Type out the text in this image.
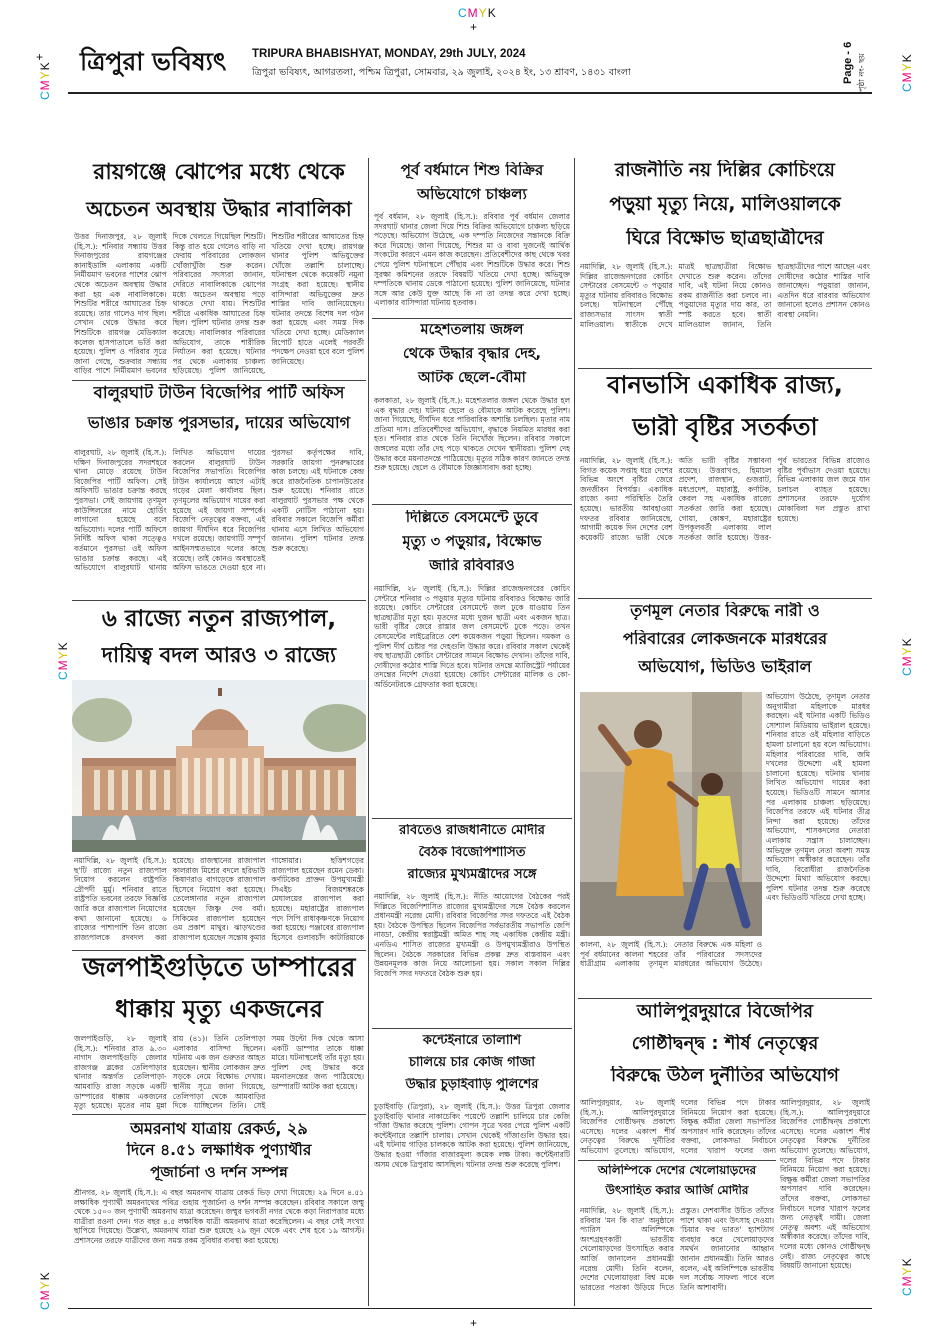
CMYK
+
CMYK
+
CMYK
CMYK
CMYK
CMYK
CMYK
+
ত্রিপুরা ভবিষ্যৎ TRIPURA BHABISHYAT, MONDAY, 29th JULY, 2024
ত্রিপুরা ভবিষ্যৎ, আগরতলা, পশ্চিম ত্রিপুরা, সোমবার, ২৯ জুলাই, ২০২৪ ইং, ১৩ শ্রাবণ, ১৪৩১ বাংলা	Page - 6 পৃষ্ঠা নং- ছয়
রায়গঞ্জে ঝোপের মধ্যে থেকে
অচেতন অবস্থায় উদ্ধার নাবালিকা
উত্তর দিনাজপুর, ২৮ জুলাই (হি.স.): শনিবার সন্ধ্যায় উত্তর দিনাজপুরের রায়গঞ্জের কানাইডাঙ্গি এলাকায় একটি নির্মীয়মাণ ভবনের পাশের ঝোপ থেকে অচেতন অবস্থায় উদ্ধার করা হয় এক নাবালিকাকে। শিশুটির শরীরে আঘাতের চিহ্ন রয়েছে। তার গালেও দাগ ছিল। সেখান থেকে উদ্ধার করে শিশুটিকে রায়গঞ্জ মেডিক্যাল কলেজ হাসপাতালে ভর্তি করা হয়েছে। পুলিশ ও পরিবার সূত্রে জানা গেছে, শুক্রবার সন্ধ্যায় বাড়ির পাশে নির্মীয়মাণ ভবনের দিকে খেলতে গিয়েছিল শিশুটি। কিন্তু রাত হয়ে গেলেও বাড়ি না ফেরায় পরিবারের লোকজন খোঁজাখুঁজি শুরু করেন। পরিবারের সদস্যরা জানান, দেরিতে নাবালিকাকে ঝোপের মধ্যে অচেতন অবস্থায় পড়ে থাকতে দেখা যায়। শিশুটির শরীরে একাধিক আঘাতের চিহ্ন ছিল। পুলিশ ঘটনার তদন্ত শুরু করেছে। নাবালিকার পরিবারের অভিযোগ, তাকে শারীরিক নির্যাতন করা হয়েছে। ঘটনার পর থেকে এলাকায় চাঞ্চল্য ছড়িয়েছে। পুলিশ জানিয়েছে, শিশুটির শরীরের আঘাতের চিহ্ন খতিয়ে দেখা হচ্ছে। রায়গঞ্জ থানার পুলিশ অভিযুক্তের খোঁজে তল্লাশি চালাচ্ছে। ঘটনাস্থল থেকে কয়েকটি নমুনা সংগ্রহ করা হয়েছে। স্থানীয় বাসিন্দারা অভিযুক্তের দ্রুত শাস্তির দাবি জানিয়েছেন। ঘটনার তদন্তে বিশেষ দল গঠন করা হয়েছে এবং সমস্ত দিক খতিয়ে দেখা হচ্ছে। মেডিক্যাল রিপোর্ট হাতে এলেই পরবর্তী পদক্ষেপ নেওয়া হবে বলে পুলিশ জানিয়েছে।
বালুরঘাট টাউন বিজেপির পার্টি অফিস
ভাঙার চক্রান্ত পুরসভার, দায়ের অভিযোগ
বালুরঘাট, ২৮ জুলাই (হি.স.): দক্ষিণ দিনাজপুরের সদরশহরে থানা মোড়ে রয়েছে টাউন বিজেপির পার্টি অফিস। সেই অফিসটি ভাঙার চক্রান্ত করছে পুরসভা। সেই জায়গায় তৃণমূল কাউন্সিলরের নামে হোর্ডিং লাগানো হয়েছে বলে অভিযোগ। দলের পার্টি অফিসে নির্দিষ্ট অফিস থাকা সত্ত্বেও বর্তমানে পুরসভা ওই অফিস ভাঙার চক্রান্ত করছে। এই অভিযোগে বালুরঘাট থানায় লিখিত অভিযোগ দায়ের করলেন বালুরঘাট টাউন বিজেপির সভাপতি। বিজেপির টাউন কার্যালয়ে আগে এটাই গড়ের মেলা কার্যালয় ছিল। তৃণমূলের অভিযোগ দায়ের করা হয়েছে এই জায়গা সম্পর্কে। বিজেপি নেতৃত্বের বক্তব্য, এই জায়গা দীর্ঘদিন ধরে বিজেপির দখলে রয়েছে। জায়গাটি সম্পূর্ণ আইনসম্মতভাবে দলের কাছে রয়েছে। তাই কোনও অবস্থাতেই অফিস ভাঙতে দেওয়া হবে না। পুরসভা কর্তৃপক্ষের দাবি, সরকারি জায়গা পুনরুদ্ধারের কাজ চলছে। এই ঘটনাকে কেন্দ্র করে রাজনৈতিক চাপানউতোর শুরু হয়েছে। শনিবার রাতে বালুরঘাট পুরসভার পক্ষ থেকে একটি নোটিস পাঠানো হয়। রবিবার সকালে বিজেপি কর্মীরা থানায় এসে লিখিত অভিযোগ জানান। পুলিশ ঘটনার তদন্ত শুরু করেছে।
৬ রাজ্যে নতুন রাজ্যপাল,
দায়িত্ব বদল আরও ৩ রাজ্যে
নয়াদিল্লি, ২৮ জুলাই (হি.স.): ছ'টি রাজ্যে নতুন রাজ্যপাল নিয়োগ করলেন রাষ্ট্রপতি দ্রৌপদী মুর্মু। শনিবার রাতে রাষ্ট্রপতি ভবনের তরফে বিজ্ঞপ্তি জারি করে রাজ্যপাল নিয়োগের কথা জানানো হয়েছে। ৬ রাজ্যের পাশাপাশি তিন রাজ্যে রাজ্যপালকে রদবদল করা হয়েছে। রাজস্থানের রাজ্যপাল কালরাজ মিশ্রের বদলে হরিভাউ কিষাণরাও বাগড়েকে রাজ্যপাল হিসেবে নিয়োগ করা হয়েছে। তেলেঙ্গানার নতুন রাজ্যপাল হয়েছেন জিষ্ণু দেব বর্মা। সিকিমের রাজ্যপাল হয়েছেন ওম প্রকাশ মাথুর। ঝাড়খণ্ডের রাজ্যপাল হয়েছেন সন্তোষ কুমার গাঙ্গোয়ার। ছত্তিশগড়ের রাজ্যপাল হয়েছেন রমেন ডেকা। কর্ণাটকের প্রাক্তন উপমুখ্যমন্ত্রী সিএইচ বিজয়শঙ্করকে মেঘালয়ের রাজ্যপাল করা হয়েছে। মহারাষ্ট্রের রাজ্যপাল পদে সিপি রাধাকৃষ্ণণকে নিয়োগ করা হয়েছে। পঞ্জাবের রাজ্যপাল হিসেবে গুলাবচাঁদ কাটারিয়াকে
জলপাইগুড়িতে ডাম্পারের
ধাক্কায় মৃত্যু একজনের
জলপাইগুড়ি, ২৮ জুলাই (হি.স.): শনিবার রাত ৯.৩০ নাগাদ জলপাইগুড়ি জেলার রাজগঞ্জ ব্লকের তেলিপাড়ার থানার অন্তর্গত তেলিপাড়া-আমবাড়ি রাজ্য সড়কে একটি ডাম্পারের ধাক্কায় একজনের মৃত্যু হয়েছে। মৃতের নাম মুন্না রায় (৪১)। তিনি তেলিপাড়া এলাকার বাসিন্দা ছিলেন। ঘটনায় এক জন গুরুতর আহত হয়েছেন। স্থানীয় লোকজন দ্রুত সড়কে নেমে বিক্ষোভ দেখায়। স্থানীয় সূত্রে জানা গিয়েছে, তেলিপাড়া থেকে আমবাড়ির দিকে যাচ্ছিলেন তিনি। সেই সময় উল্টো দিক থেকে আসা একটি ডাম্পার তাকে ধাক্কা মারে। ঘটনাস্থলেই তাঁর মৃত্যু হয়। পুলিশ দেহ উদ্ধার করে ময়নাতদন্তের জন্য পাঠিয়েছে। ডাম্পারটি আটক করা হয়েছে।
অমরনাথ যাত্রায় রেকর্ড, ২৯
দিনে ৪.৫১ লক্ষাধিক পুণ্যার্থীর
পূজার্চনা ও দর্শন সম্পন্ন
শ্রীনগর, ২৮ জুলাই (হি.স.): এ বছর অমরনাথ যাত্রায় রেকর্ড ভিড় দেখা গিয়েছে। ২৯ দিনে ৪.৫১ লক্ষাধিক পুণ্যার্থী অমরনাথের পবিত্র গুহায় পূজার্চনা ও দর্শন সম্পন্ন করেছেন। রবিবার সকালে জম্মু থেকে ১৫০০ জন পুণ্যার্থী অমরনাথ যাত্রা করেছেন। জম্মুর ভগবতী নগর থেকে কড়া নিরাপত্তার মধ্যে যাত্রীরা রওনা দেন। গত বছর ৪.৫ লক্ষাধিক যাত্রী অমরনাথ যাত্রা করেছিলেন। এ বছর সেই সংখ্যা ছাপিয়ে গিয়েছে। উল্লেখ্য, অমরনাথ যাত্রা শুরু হয়েছে ২৯ জুন থেকে এবং শেষ হবে ১৯ আগস্ট। প্রশাসনের তরফে যাত্রীদের জন্য সমস্ত রকম সুবিধার ব্যবস্থা করা হয়েছে।
পূর্ব বর্ধমানে শিশু বিক্রির
অভিযোগে চাঞ্চল্য
পূর্ব বর্ধমান, ২৮ জুলাই (হি.স.): রবিবার পূর্ব বর্ধমান জেলার সদরঘাট থানার জেলা দিয়ে শিশু বিক্রির অভিযোগে চাঞ্চল্য ছড়িয়ে পড়েছে। অভিযোগ উঠেছে, এক দম্পতি নিজেদের সন্তানকে বিক্রি করে দিয়েছে। জানা গিয়েছে, শিশুর মা ও বাবা দুজনেই আর্থিক সংকটের কারণে এমন কাজ করেছেন। প্রতিবেশীদের কাছ থেকে খবর পেয়ে পুলিশ ঘটনাস্থলে পৌঁছায় এবং শিশুটিকে উদ্ধার করে। শিশু সুরক্ষা কমিশনের তরফে বিষয়টি খতিয়ে দেখা হচ্ছে। অভিযুক্ত দম্পতিকে থানায় ডেকে পাঠানো হয়েছে। পুলিশ জানিয়েছে, ঘটনার সঙ্গে আর কেউ যুক্ত আছে কি না তা তদন্ত করে দেখা হচ্ছে। এলাকার বাসিন্দারা ঘটনায় হতবাক।
মহেশতলায় জঙ্গল
থেকে উদ্ধার বৃদ্ধার দেহ,
আটক ছেলে-বৌমা
কলকাতা, ২৮ জুলাই (হি.স.): মহেশতলার জঙ্গল থেকে উদ্ধার হল এক বৃদ্ধার দেহ। ঘটনায় ছেলে ও বৌমাকে আটক করেছে পুলিশ। জানা গিয়েছে, দীর্ঘদিন ধরে পারিবারিক অশান্তি চলছিল। মৃতার নাম প্রতিমা দাস। প্রতিবেশীদের অভিযোগ, বৃদ্ধাকে নিয়মিত মারধর করা হত। শনিবার রাত থেকে তিনি নিখোঁজ ছিলেন। রবিবার সকালে জঙ্গলের মধ্যে তাঁর দেহ পড়ে থাকতে দেখেন স্থানীয়রা। পুলিশ দেহ উদ্ধার করে ময়নাতদন্তে পাঠিয়েছে। মৃত্যুর সঠিক কারণ জানতে তদন্ত শুরু হয়েছে। ছেলে ও বৌমাকে জিজ্ঞাসাবাদ করা হচ্ছে।
দিল্লিতে বেসমেন্টে ডুবে
মৃত্যু ৩ পড়ুয়ার, বিক্ষোভ
জারি রবিবারও
নয়াদিল্লি, ২৮ জুলাই (হি.স.): দিল্লির রাজেন্দ্রনগরের কোচিং সেন্টারে শনিবার ৩ পড়ুয়ার মৃত্যুর ঘটনায় রবিবারও বিক্ষোভ জারি রয়েছে। কোচিং সেন্টারের বেসমেন্টে জল ঢুকে যাওয়ায় তিন ছাত্রছাত্রীর মৃত্যু হয়। মৃতদের মধ্যে দুজন ছাত্রী এবং একজন ছাত্র। ভারী বৃষ্টির জেরে রাস্তার জল বেসমেন্টে ঢুকে পড়ে। তখন বেসমেন্টের লাইব্রেরিতে বেশ কয়েকজন পড়ুয়া ছিলেন। দমকল ও পুলিশ দীর্ঘ চেষ্টার পর দেহগুলি উদ্ধার করে। রবিবার সকাল থেকেই বহু ছাত্রছাত্রী কোচিং সেন্টারের সামনে বিক্ষোভ দেখান। তাঁদের দাবি, দোষীদের কঠোর শাস্তি দিতে হবে। ঘটনার তদন্তে ম্যাজিস্ট্রেট পর্যায়ের তদন্তের নির্দেশ দেওয়া হয়েছে। কোচিং সেন্টারের মালিক ও কো-অর্ডিনেটরকে গ্রেফতার করা হয়েছে।
রবিতেও রাজধানীতে মোদীর
বৈঠক বিজেপিশাসিত
রাজ্যের মুখ্যমন্ত্রীদের সঙ্গে
নয়াদিল্লি, ২৮ জুলাই (হি.স.): নীতি আয়োগের বৈঠকের পরই দিল্লিতে বিজেপিশাসিত রাজ্যের মুখ্যমন্ত্রীদের সঙ্গে বৈঠক করলেন প্রধানমন্ত্রী নরেন্দ্র মোদী। রবিবার বিজেপির সদর দফতরে এই বৈঠক হয়। বৈঠকে উপস্থিত ছিলেন বিজেপির সর্বভারতীয় সভাপতি জেপি নাড্ডা, কেন্দ্রীয় স্বরাষ্ট্রমন্ত্রী অমিত শাহ সহ একাধিক কেন্দ্রীয় মন্ত্রী। এনডিএ শাসিত রাজ্যের মুখ্যমন্ত্রী ও উপমুখ্যমন্ত্রীরাও উপস্থিত ছিলেন। বৈঠকে সরকারের বিভিন্ন প্রকল্প দ্রুত বাস্তবায়ন এবং উন্নয়নমূলক কাজ নিয়ে আলোচনা হয়। সকাল সকাল দিল্লির বিজেপি সদর দফতরে বৈঠক শুরু হয়।
কন্টেইনারে তালাশি
চালিয়ে চার কেজি গাঁজা
উদ্ধার চুড়াইবাড়ি পুলিশের
চুড়াইবাড়ি (ত্রিপুরা), ২৮ জুলাই (হি.স.): উত্তর ত্রিপুরা জেলার চুড়াইবাড়ি থানার নাকাচেকিং পয়েন্টে তল্লাশি চালিয়ে চার কেজি গাঁজা উদ্ধার করেছে পুলিশ। গোপন সূত্রে খবর পেয়ে পুলিশ একটি কন্টেইনারে তল্লাশি চালায়। সেখান থেকেই গাঁজাগুলি উদ্ধার হয়। এই ঘটনায় গাড়ির চালককে আটক করা হয়েছে। পুলিশ জানিয়েছে, উদ্ধার হওয়া গাঁজার বাজারমূল্য কয়েক লক্ষ টাকা। কন্টেইনারটি অসম থেকে ত্রিপুরায় আসছিল। ঘটনার তদন্ত শুরু করেছে পুলিশ।
রাজনীতি নয় দিল্লির কোচিংয়ে
পড়ুয়া মৃত্যু নিয়ে, মালিওয়ালকে
ঘিরে বিক্ষোভ ছাত্রছাত্রীদের
নয়াদিল্লি, ২৮ জুলাই (হি.স.): দিল্লির রাজেন্দ্রনগরের কোচিং সেন্টারের বেসমেন্টে ৩ পড়ুয়ার মৃত্যুর ঘটনায় রবিবারও বিক্ষোভ চলছে। ঘটনাস্থলে পৌঁছে রাজ্যসভার সাংসদ স্বাতী মালিওয়াল। স্বাতীকে দেখে মাত্রই ছাত্রছাত্রীরা বিক্ষোভ দেখাতে শুরু করেন। তাঁদের দাবি, এই ঘটনা নিয়ে কোনও রকম রাজনীতি করা চলবে না। পড়ুয়াদের মৃত্যুর দায় কার, তা স্পষ্ট করতে হবে। স্বাতী মালিওয়াল জানান, তিনি ছাত্রছাত্রীদের পাশে আছেন এবং দোষীদের কঠোর শাস্তির দাবি জানাচ্ছেন। পড়ুয়ারা জানান, এতদিন ধরে বারবার অভিযোগ জানানো হলেও প্রশাসন কোনও ব্যবস্থা নেয়নি।
বানভাসি একাধিক রাজ্য,
ভারী বৃষ্টির সতর্কতা
নয়াদিল্লি, ২৮ জুলাই (হি.স.): বিগত কয়েক সপ্তাহ ধরে দেশের বিভিন্ন অংশে বৃষ্টির জেরে জনজীবন বিপর্যস্ত। একাধিক রাজ্যে বন্যা পরিস্থিতি তৈরি হয়েছে। ভারতীয় আবহাওয়া দফতর রবিবার জানিয়েছে, আগামী কয়েক দিন দেশের বেশ কয়েকটি রাজ্যে ভারী থেকে অতি ভারী বৃষ্টির সম্ভাবনা রয়েছে। উত্তরাখণ্ড, হিমাচল প্রদেশ, রাজস্থান, গুজরাট, মধ্যপ্রদেশ, মহারাষ্ট্র, কর্ণাটক, কেরল সহ একাধিক রাজ্যে সতর্কতা জারি করা হয়েছে। গোয়া, কোঙ্কণ, মহারাষ্ট্রের উপকূলবর্তী এলাকায় লাল সতর্কতা জারি হয়েছে। উত্তর-পূর্ব ভারতের বিভিন্ন রাজ্যেও বৃষ্টির পূর্বাভাস দেওয়া হয়েছে। বিভিন্ন এলাকায় জল জমে যান চলাচল ব্যাহত হয়েছে। প্রশাসনের তরফে দুর্যোগ মোকাবিলা দল প্রস্তুত রাখা হয়েছে।
তৃণমূল নেতার বিরুদ্ধে নারী ও
পরিবারের লোকজনকে মারধরের
অভিযোগ, ভিডিও ভাইরাল
অভিযোগ উঠেছে, তৃণমূল নেতার অনুগামীরা মহিলাকে মারধর করছেন। এই ঘটনার একটি ভিডিও সোশ্যাল মিডিয়ায় ভাইরাল হয়েছে। শনিবার রাতে ওই মহিলার বাড়িতে হামলা চালানো হয় বলে অভিযোগ। মহিলার পরিবারের দাবি, জমি দখলের উদ্দেশ্যে এই হামলা চালানো হয়েছে। ঘটনায় থানায় লিখিত অভিযোগ দায়ের করা হয়েছে। ভিডিওটি সামনে আসার পর এলাকায় চাঞ্চল্য ছড়িয়েছে। বিজেপির তরফে এই ঘটনার তীব্র নিন্দা করা হয়েছে। তাঁদের অভিযোগ, শাসকদলের নেতারা এলাকায় সন্ত্রাস চালাচ্ছেন। অভিযুক্ত তৃণমূল নেতা অবশ্য সমস্ত অভিযোগ অস্বীকার করেছেন। তাঁর দাবি, বিরোধীরা রাজনৈতিক উদ্দেশ্যে মিথ্যা অভিযোগ করছে। পুলিশ ঘটনার তদন্ত শুরু করেছে এবং ভিডিওটি খতিয়ে দেখা হচ্ছে।
কালনা, ২৮ জুলাই (হি.স.): পূর্ব বর্ধমানের কালনা শহরের ধাত্রীগ্রাম এলাকায় তৃণমূল নেতার বিরুদ্ধে এক মহিলা ও তাঁর পরিবারের সদস্যদের মারধরের অভিযোগ উঠেছে।
আলিপুরদুয়ারে বিজেপির
গোষ্ঠীদ্বন্দ্ব : শীর্ষ নেতৃত্বের
বিরুদ্ধে উঠল দুর্নীতির অভিযোগ
আলিপুরদুয়ার, ২৮ জুলাই (হি.স.): আলিপুরদুয়ারে বিজেপির গোষ্ঠীদ্বন্দ্ব প্রকাশ্যে এসেছে। দলের একাংশ শীর্ষ নেতৃত্বের বিরুদ্ধে দুর্নীতির অভিযোগ তুলেছে। অভিযোগ, দলের বিভিন্ন পদে টাকার বিনিময়ে নিয়োগ করা হয়েছে। বিক্ষুব্ধ কর্মীরা জেলা সভাপতির অপসারণ দাবি করেছেন। তাঁদের বক্তব্য, লোকসভা নির্বাচনে দলের খারাপ ফলের জন্য
আলিপুরদুয়ার, ২৮ জুলাই (হি.স.): আলিপুরদুয়ারে বিজেপির গোষ্ঠীদ্বন্দ্ব প্রকাশ্যে এসেছে। দলের একাংশ শীর্ষ নেতৃত্বের বিরুদ্ধে দুর্নীতির অভিযোগ তুলেছে। অভিযোগ, দলের বিভিন্ন পদে টাকার বিনিময়ে নিয়োগ করা হয়েছে। বিক্ষুব্ধ কর্মীরা জেলা সভাপতির অপসারণ দাবি করেছেন। তাঁদের বক্তব্য, লোকসভা নির্বাচনে দলের খারাপ ফলের জন্য নেতৃত্বই দায়ী। জেলা নেতৃত্ব অবশ্য এই অভিযোগ অস্বীকার করেছে। তাঁদের দাবি, দলের মধ্যে কোনও গোষ্ঠীদ্বন্দ্ব নেই। রাজ্য নেতৃত্বের কাছে বিষয়টি জানানো হয়েছে।
অলিম্পিকে দেশের খেলোয়াড়দের
উৎসাহিত করার আর্জি মোদীর
নয়াদিল্লি, ২৮ জুলাই (হি.স.): রবিবার 'মন কি বাত' অনুষ্ঠানে প্যারিস অলিম্পিকে অংশগ্রহণকারী ভারতীয় খেলোয়াড়দের উৎসাহিত করার আর্জি জানালেন প্রধানমন্ত্রী নরেন্দ্র মোদী। তিনি বলেন, দেশের খেলোয়াড়রা বিশ্ব মঞ্চে ভারতের পতাকা উড়িয়ে দিতে প্রস্তুত। দেশবাসীর উচিত তাঁদের পাশে থাকা এবং উৎসাহ দেওয়া। 'চিয়ার ফর ভারত' হ্যাশট্যাগ ব্যবহার করে খেলোয়াড়দের সমর্থন জানানোর আহ্বান জানান প্রধানমন্ত্রী। তিনি আরও বলেন, এই অলিম্পিকে ভারতীয় দল সর্বোচ্চ সাফল্য পাবে বলে তিনি আশাবাদী।
